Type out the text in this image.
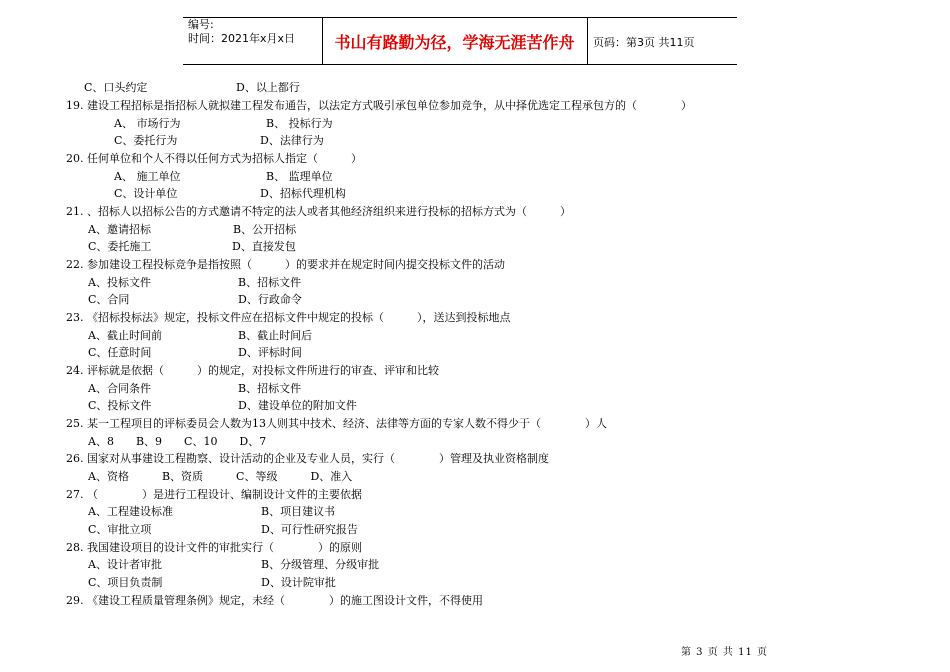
编号:
时间：2021年x月x日	书山有路勤为径，学海无涯苦作舟	页码：第3页 共11页
C、口头约定	D、以上都行
19. 建设工程招标是指招标人就拟建工程发布通告，以法定方式吸引承包单位参加竞争，从中择优选定工程承包方的（　　　　）
A、 市场行为	B、 投标行为
C、委托行为	D、法律行为
20. 任何单位和个人不得以任何方式为招标人指定（　　　）
A、 施工单位	B、 监理单位
C、设计单位	D、招标代理机构
21. 、招标人以招标公告的方式邀请不特定的法人或者其他经济组织来进行投标的招标方式为（　　　）
A、邀请招标	B、公开招标
C、委托施工	D、直接发包
22. 参加建设工程投标竞争是指按照（　　　）的要求并在规定时间内提交投标文件的活动
A、投标文件	B、招标文件
C、合同	D、行政命令
23. 《招标投标法》规定，投标文件应在招标文件中规定的投标（　　　），送达到投标地点
A、截止时间前	B、截止时间后
C、任意时间	D、评标时间
24. 评标就是依据（　　　）的规定，对投标文件所进行的审查、评审和比较
A、合同条件	B、招标文件
C、投标文件	D、建设单位的附加文件
25. 某一工程项目的评标委员会人数为13人则其中技术、经济、法律等方面的专家人数不得少于（　　　　）人
A、8　　B、9　　C、10　　D、7
26. 国家对从事建设工程勘察、设计活动的企业及专业人员，实行（　　　　）管理及执业资格制度
A、资格　　　B、资质　　　C、等级　　　D、准入
27. （　　　　）是进行工程设计、编制设计文件的主要依据
A、工程建设标准	B、项目建议书
C、审批立项	D、可行性研究报告
28. 我国建设项目的设计文件的审批实行（　　　　）的原则
A、设计者审批	B、分级管理、分级审批
C、项目负责制	D、设计院审批
29. 《建设工程质量管理条例》规定，未经（　　　　）的施工图设计文件，不得使用
第 3 页 共 11 页
